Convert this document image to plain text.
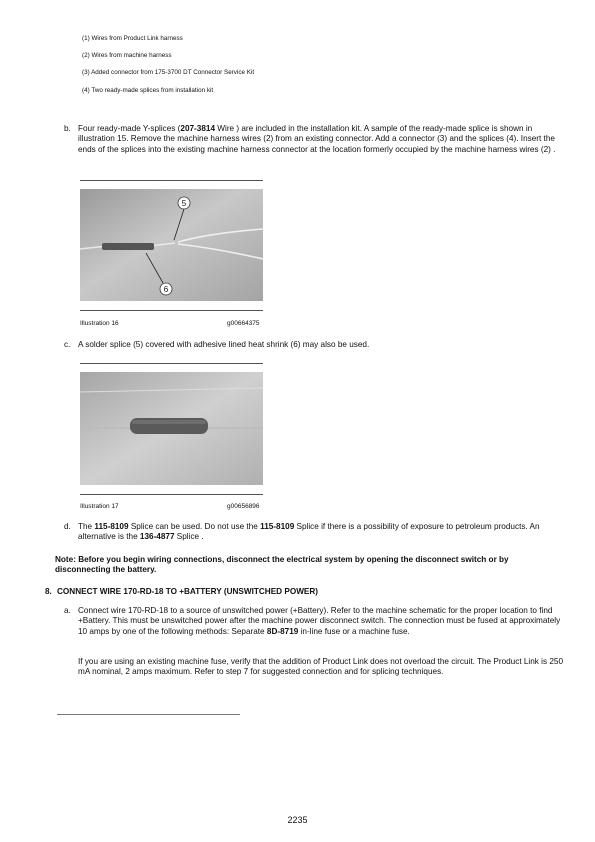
(1) Wires from Product Link harness
(2) Wires from machine harness
(3) Added connector from 175-3700 DT Connector Service Kit
(4) Two ready-made splices from installation kit
b. Four ready-made Y-splices (207-3814 Wire ) are included in the installation kit. A sample of the ready-made splice is shown in illustration 15. Remove the machine harness wires (2) from an existing connector. Add a connector (3) and the splices (4). Insert the ends of the splices into the existing machine harness connector at the location formerly occupied by the machine harness wires (2) .
5
6
Illustration 16	g00664375
c. A solder splice (5) covered with adhesive lined heat shrink (6) may also be used.
Illustration 17	g00656896
d. The 115-8109 Splice can be used. Do not use the 115-8109 Splice if there is a possibility of exposure to petroleum products. An alternative is the 136-4877 Splice .
Note: Before you begin wiring connections, disconnect the electrical system by opening the disconnect switch or by disconnecting the battery.
8. CONNECT WIRE 170-RD-18 TO +BATTERY (UNSWITCHED POWER)
a. Connect wire 170-RD-18 to a source of unswitched power (+Battery). Refer to the machine schematic for the proper location to find +Battery. This must be unswitched power after the machine power disconnect switch. The connection must be fused at approximately 10 amps by one of the following methods: Separate 8D-8719 in-line fuse or a machine fuse.
If you are using an existing machine fuse, verify that the addition of Product Link does not overload the circuit. The Product Link is 250 mA nominal, 2 amps maximum. Refer to step 7 for suggested connection and for splicing techniques.
2235
